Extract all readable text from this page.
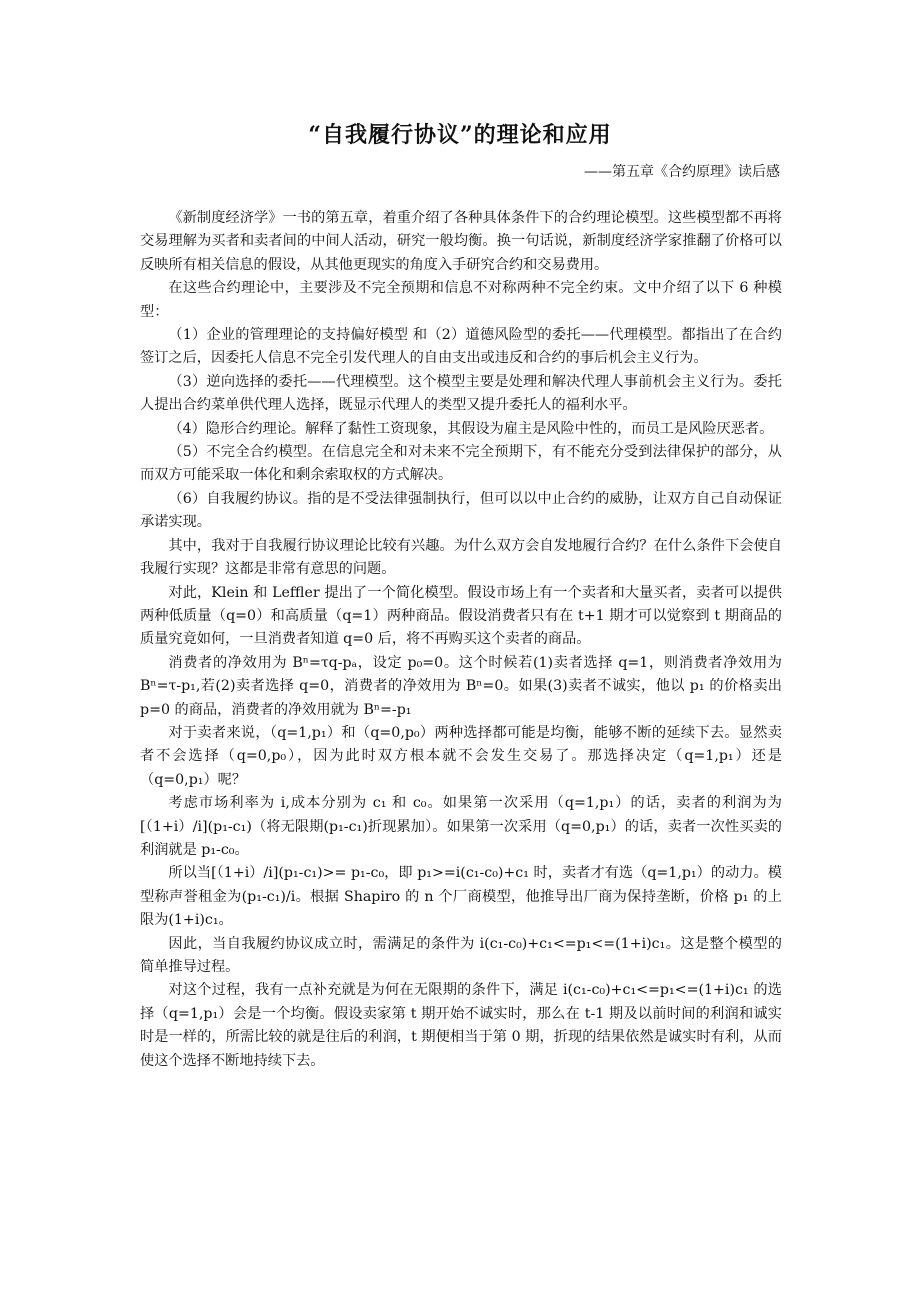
“自我履行协议”的理论和应用
——第五章《合约原理》读后感

《新制度经济学》一书的第五章，着重介绍了各种具体条件下的合约理论模型。这些模型都不再将交易理解为买者和卖者间的中间人活动，研究一般均衡。换一句话说，新制度经济学家推翻了价格可以反映所有相关信息的假设，从其他更现实的角度入手研究合约和交易费用。

在这些合约理论中，主要涉及不完全预期和信息不对称两种不完全约束。文中介绍了以下 6 种模型：

（1）企业的管理理论的支持偏好模型 和（2）道德风险型的委托——代理模型。都指出了在合约签订之后，因委托人信息不完全引发代理人的自由支出或违反和合约的事后机会主义行为。

（3）逆向选择的委托——代理模型。这个模型主要是处理和解决代理人事前机会主义行为。委托人提出合约菜单供代理人选择，既显示代理人的类型又提升委托人的福利水平。

（4）隐形合约理论。解释了黏性工资现象，其假设为雇主是风险中性的，而员工是风险厌恶者。

（5）不完全合约模型。在信息完全和对未来不完全预期下，有不能充分受到法律保护的部分，从而双方可能采取一体化和剩余索取权的方式解决。

（6）自我履约协议。指的是不受法律强制执行，但可以以中止合约的威胁，让双方自己自动保证承诺实现。

其中，我对于自我履行协议理论比较有兴趣。为什么双方会自发地履行合约？在什么条件下会使自我履行实现？这都是非常有意思的问题。

对此，Klein 和 Leffler 提出了一个简化模型。假设市场上有一个卖者和大量买者，卖者可以提供两种低质量（q=0）和高质量（q=1）两种商品。假设消费者只有在 t+1 期才可以觉察到 t 期商品的质量究竟如何，一旦消费者知道 q=0 后，将不再购买这个卖者的商品。

消费者的净效用为 Bⁿ=τq-pₐ，设定 p₀=0。这个时候若(1)卖者选择 q=1，则消费者净效用为 Bⁿ=τ-p₁,若(2)卖者选择 q=0，消费者的净效用为 Bⁿ=0。如果(3)卖者不诚实，他以 p₁ 的价格卖出 p=0 的商品，消费者的净效用就为 Bⁿ=-p₁

对于卖者来说，（q=1,p₁）和（q=0,p₀）两种选择都可能是均衡，能够不断的延续下去。显然卖者不会选择（q=0,p₀），因为此时双方根本就不会发生交易了。那选择决定（q=1,p₁）还是（q=0,p₁）呢？

考虑市场利率为 i,成本分别为 c₁ 和 c₀。如果第一次采用（q=1,p₁）的话，卖者的利润为为[（1+i）/i](p₁-c₁)（将无限期(p₁-c₁)折现累加）。如果第一次采用（q=0,p₁）的话，卖者一次性买卖的利润就是 p₁-c₀。

所以当[（1+i）/i](p₁-c₁)>= p₁-c₀，即 p₁>=i(c₁-c₀)+c₁ 时，卖者才有选（q=1,p₁）的动力。模型称声誉租金为(p₁-c₁)/i。根据 Shapiro 的 n 个厂商模型，他推导出厂商为保持垄断，价格 p₁ 的上限为(1+i)c₁。

因此，当自我履约协议成立时，需满足的条件为 i(c₁-c₀)+c₁<=p₁<=(1+i)c₁。这是整个模型的简单推导过程。

对这个过程，我有一点补充就是为何在无限期的条件下，满足 i(c₁-c₀)+c₁<=p₁<=(1+i)c₁ 的选择（q=1,p₁）会是一个均衡。假设卖家第 t 期开始不诚实时，那么在 t-1 期及以前时间的利润和诚实时是一样的，所需比较的就是往后的利润，t 期便相当于第 0 期，折现的结果依然是诚实时有利，从而使这个选择不断地持续下去。
